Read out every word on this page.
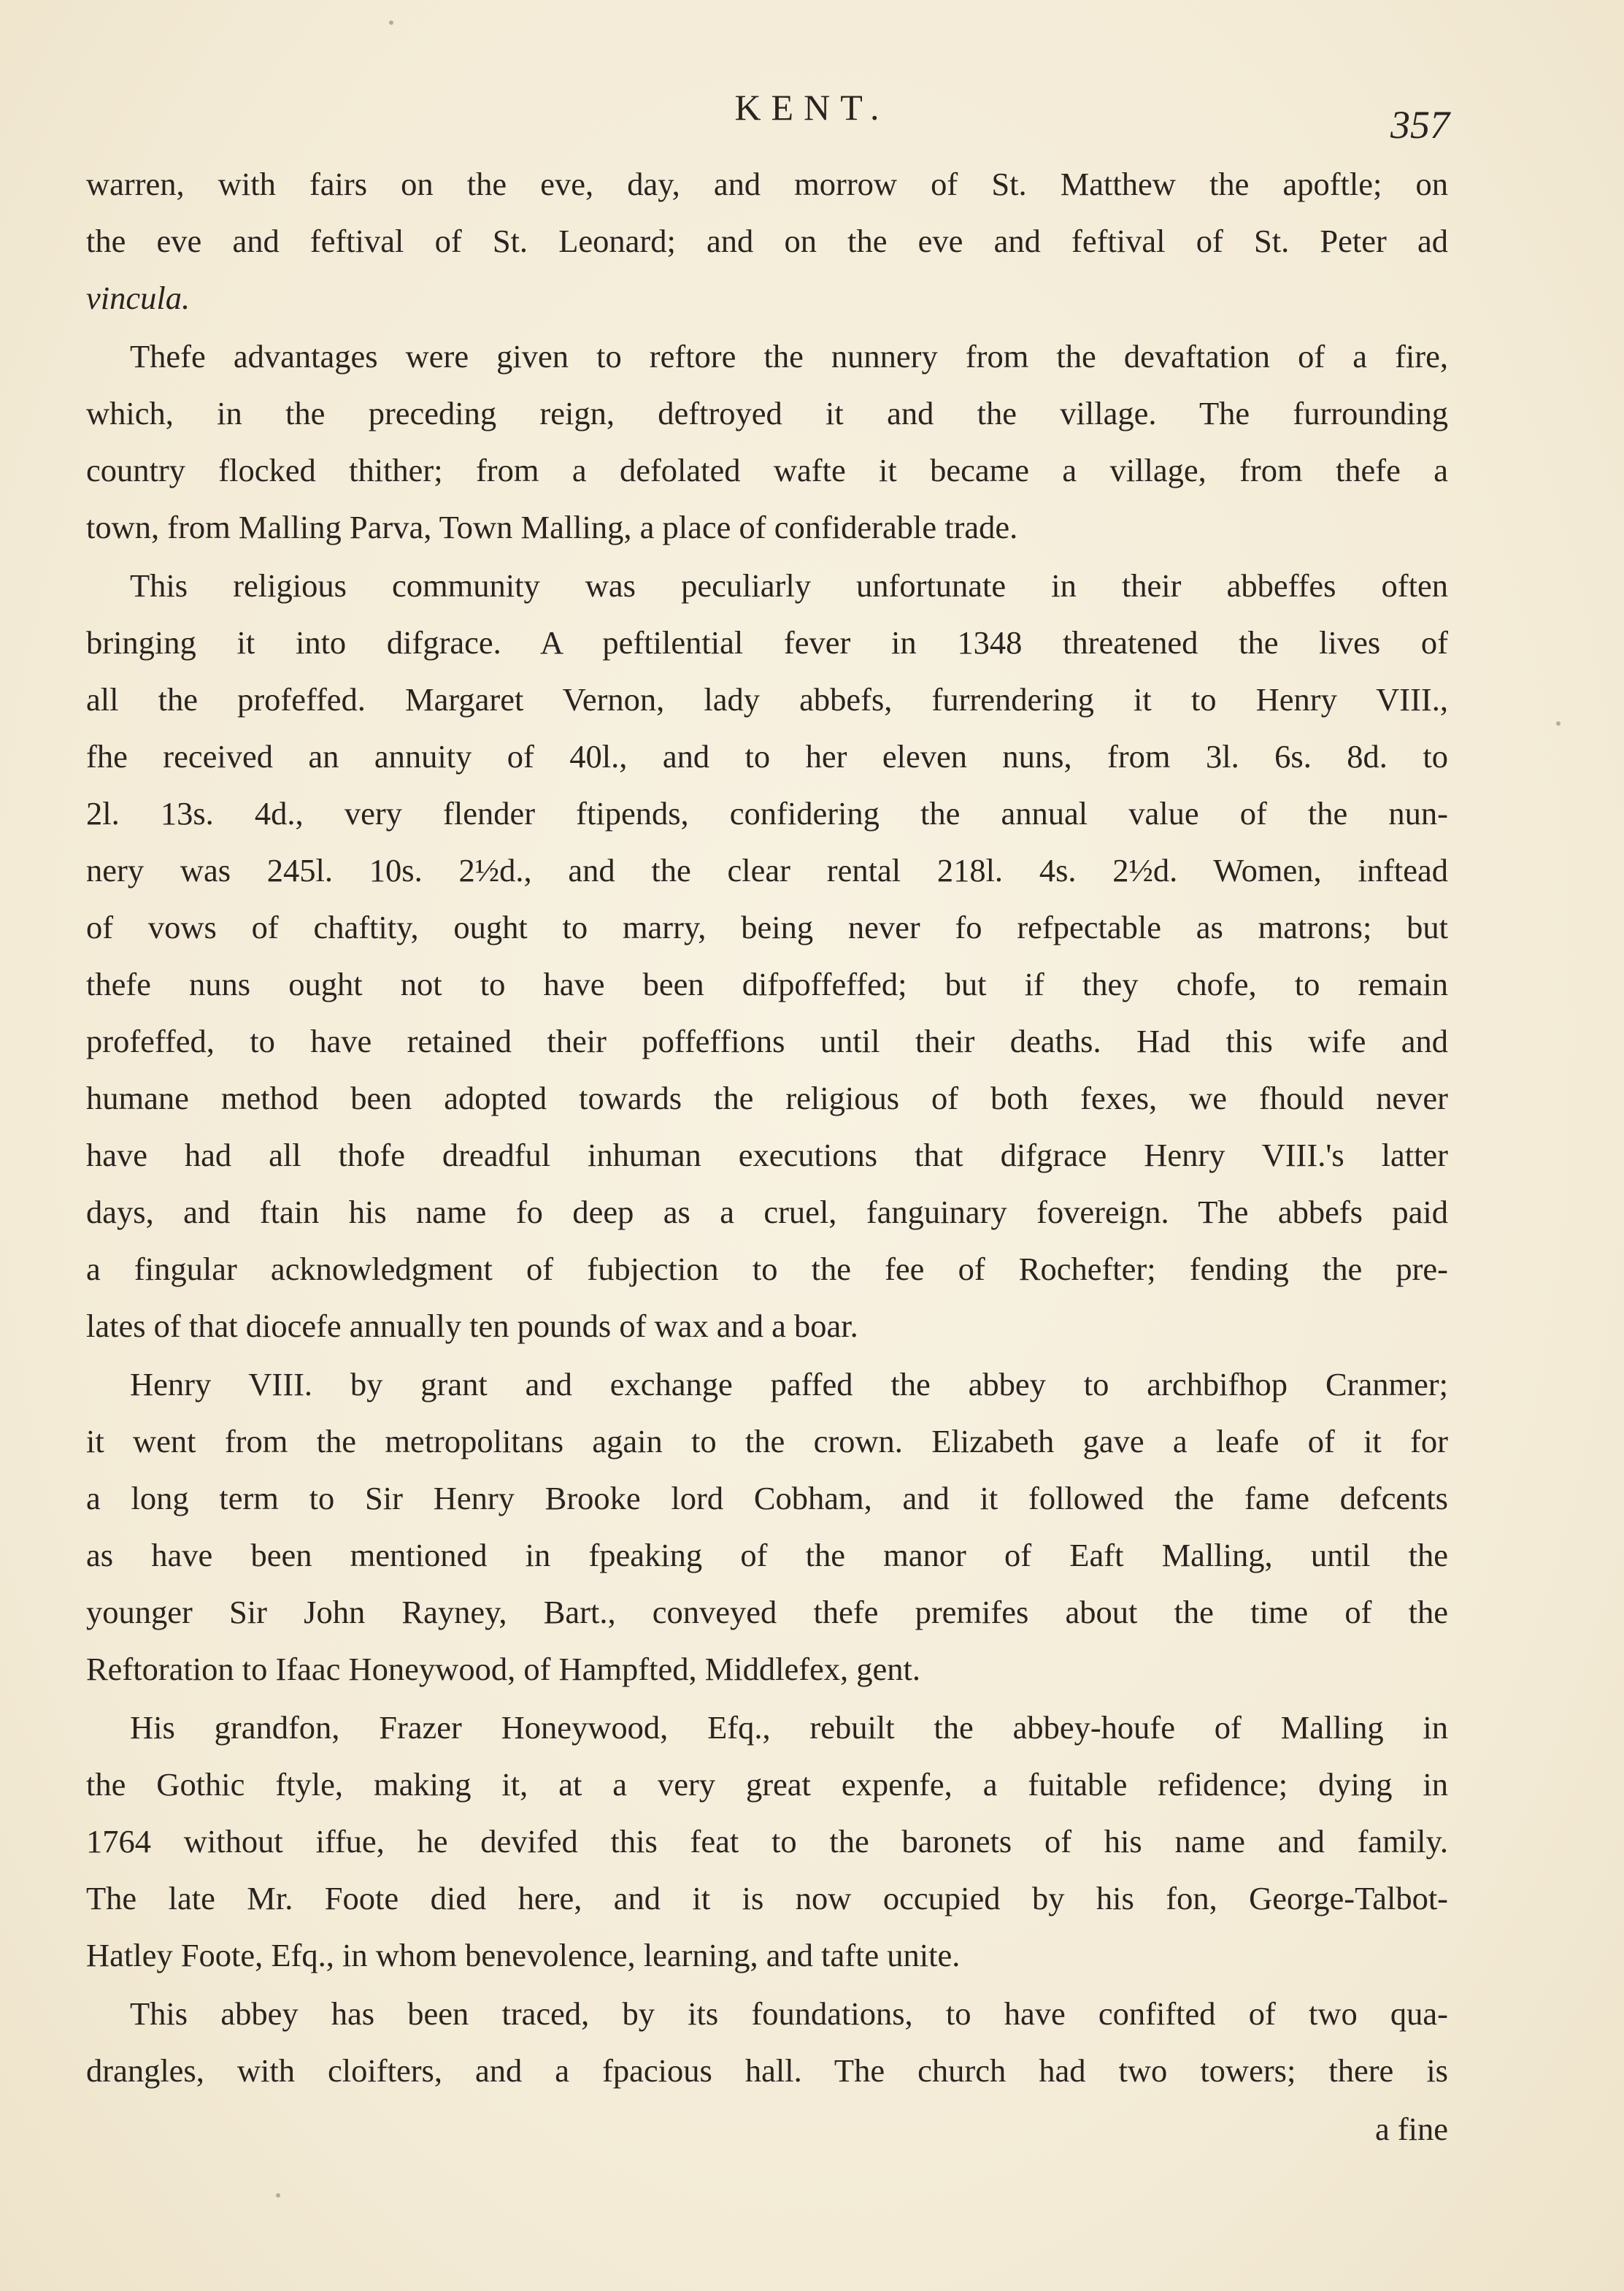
KENT.	357
warren, with fairs on the eve, day, and morrow of St. Matthew the apoftle; on
the eve and feftival of St. Leonard; and on the eve and feftival of St. Peter ad
vincula.
Thefe advantages were given to reftore the nunnery from the devaftation of a fire,
which, in the preceding reign, deftroyed it and the village. The furrounding
country flocked thither; from a defolated wafte it became a village, from thefe a
town, from Malling Parva, Town Malling, a place of confiderable trade.
This religious community was peculiarly unfortunate in their abbeffes often
bringing it into difgrace. A peftilential fever in 1348 threatened the lives of
all the profeffed. Margaret Vernon, lady abbefs, furrendering it to Henry VIII.,
fhe received an annuity of 40l., and to her eleven nuns, from 3l. 6s. 8d. to
2l. 13s. 4d., very flender ftipends, confidering the annual value of the nun-
nery was 245l. 10s. 2½d., and the clear rental 218l. 4s. 2½d. Women, inftead
of vows of chaftity, ought to marry, being never fo refpectable as matrons; but
thefe nuns ought not to have been difpoffeffed; but if they chofe, to remain
profeffed, to have retained their poffeffions until their deaths. Had this wife and
humane method been adopted towards the religious of both fexes, we fhould never
have had all thofe dreadful inhuman executions that difgrace Henry VIII.'s latter
days, and ftain his name fo deep as a cruel, fanguinary fovereign. The abbefs paid
a fingular acknowledgment of fubjection to the fee of Rochefter; fending the pre-
lates of that diocefe annually ten pounds of wax and a boar.
Henry VIII. by grant and exchange paffed the abbey to archbifhop Cranmer;
it went from the metropolitans again to the crown. Elizabeth gave a leafe of it for
a long term to Sir Henry Brooke lord Cobham, and it followed the fame defcents
as have been mentioned in fpeaking of the manor of Eaft Malling, until the
younger Sir John Rayney, Bart., conveyed thefe premifes about the time of the
Reftoration to Ifaac Honeywood, of Hampfted, Middlefex, gent.
His grandfon, Frazer Honeywood, Efq., rebuilt the abbey-houfe of Malling in
the Gothic ftyle, making it, at a very great expenfe, a fuitable refidence; dying in
1764 without iffue, he devifed this feat to the baronets of his name and family.
The late Mr. Foote died here, and it is now occupied by his fon, George-Talbot-
Hatley Foote, Efq., in whom benevolence, learning, and tafte unite.
This abbey has been traced, by its foundations, to have confifted of two qua-
drangles, with cloifters, and a fpacious hall. The church had two towers; there is
a fine
